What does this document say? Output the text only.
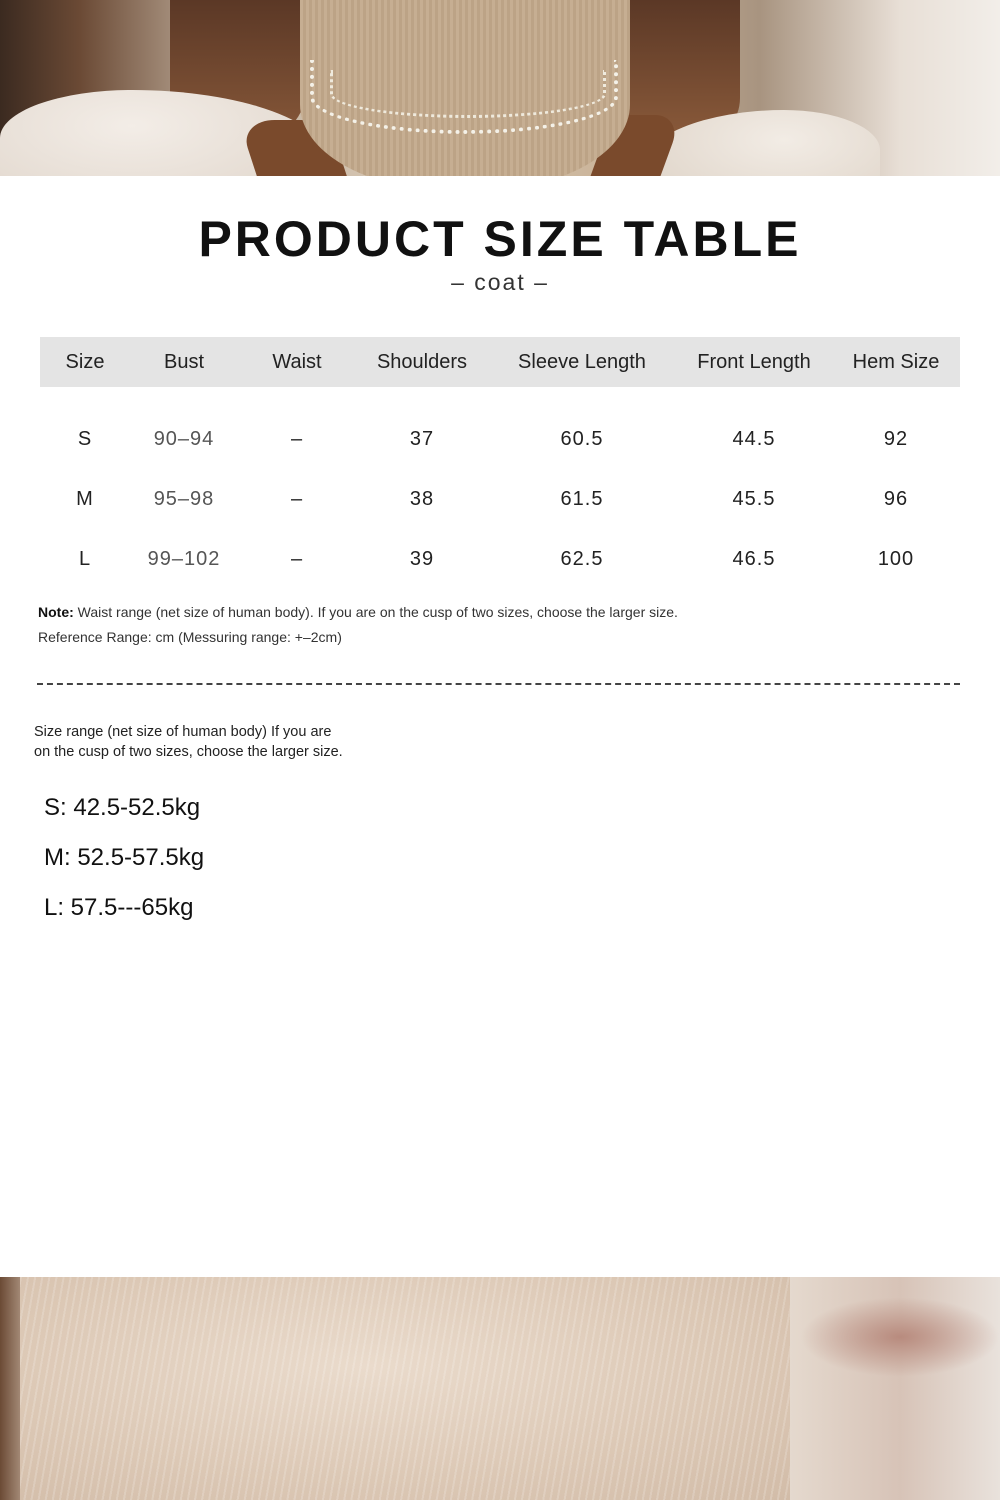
PRODUCT SIZE TABLE
– coat –
Size	Bust	Waist	Shoulders	Sleeve Length	Front Length	Hem Size

S	90–94	–	37	60.5	44.5	92
M	95–98	–	38	61.5	45.5	96
L	99–102	–	39	62.5	46.5	100
Note: Waist range (net size of human body). If you are on the cusp of two sizes, choose the larger size.
Reference Range: cm (Messuring range: +–2cm)
Size range (net size of human body) If you are
on the cusp of two sizes, choose the larger size.
S: 42.5-52.5kg
M: 52.5-57.5kg
L: 57.5---65kg
